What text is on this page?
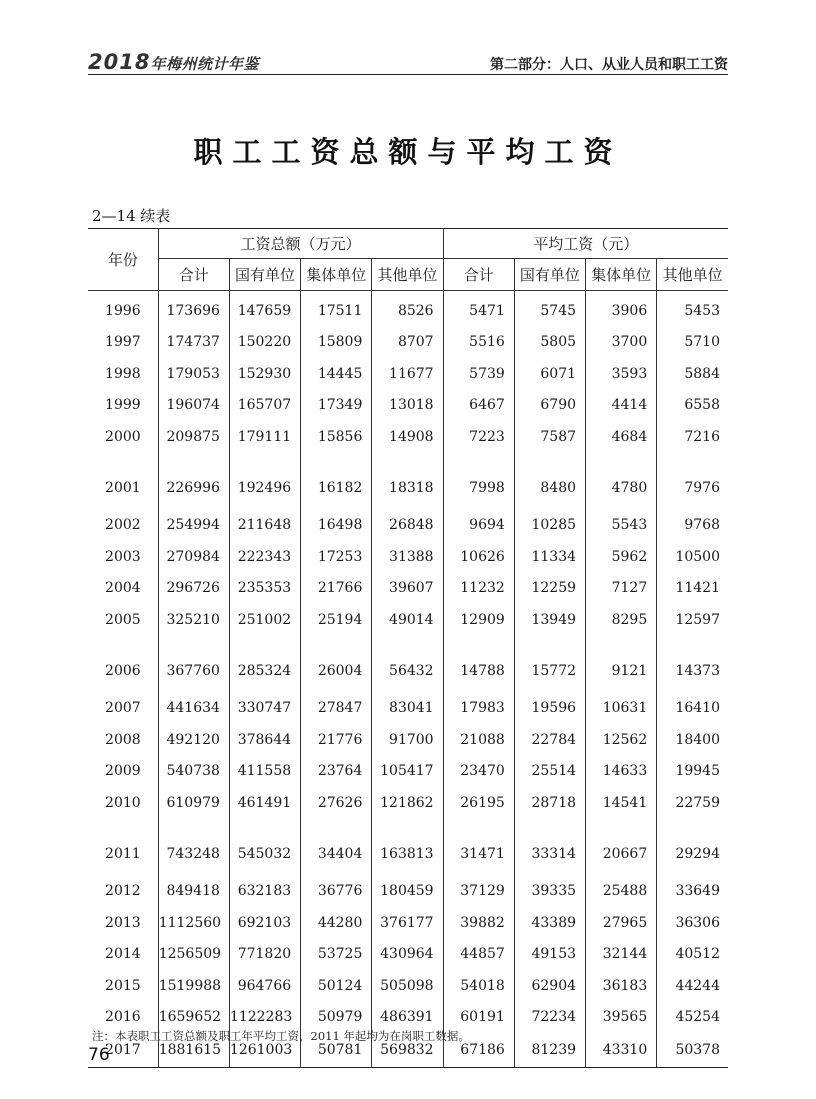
2018年梅州统计年鉴	第二部分：人口、从业人员和职工工资
职工工资总额与平均工资
2—14 续表
年份	工资总额（万元）				平均工资（元）			
	合计	国有单位	集体单位	其他单位	合计	国有单位	集体单位	其他单位
1996	173696	147659	17511	8526	5471	5745	3906	5453
1997	174737	150220	15809	8707	5516	5805	3700	5710
1998	179053	152930	14445	11677	5739	6071	3593	5884
1999	196074	165707	17349	13018	6467	6790	4414	6558
2000	209875	179111	15856	14908	7223	7587	4684	7216
2001	226996	192496	16182	18318	7998	8480	4780	7976
2002	254994	211648	16498	26848	9694	10285	5543	9768
2003	270984	222343	17253	31388	10626	11334	5962	10500
2004	296726	235353	21766	39607	11232	12259	7127	11421
2005	325210	251002	25194	49014	12909	13949	8295	12597
2006	367760	285324	26004	56432	14788	15772	9121	14373
2007	441634	330747	27847	83041	17983	19596	10631	16410
2008	492120	378644	21776	91700	21088	22784	12562	18400
2009	540738	411558	23764	105417	23470	25514	14633	19945
2010	610979	461491	27626	121862	26195	28718	14541	22759
2011	743248	545032	34404	163813	31471	33314	20667	29294
2012	849418	632183	36776	180459	37129	39335	25488	33649
2013	1112560	692103	44280	376177	39882	43389	27965	36306
2014	1256509	771820	53725	430964	44857	49153	32144	40512
2015	1519988	964766	50124	505098	54018	62904	36183	44244
2016	1659652	1122283	50979	486391	60191	72234	39565	45254
2017	1881615	1261003	50781	569832	67186	81239	43310	50378
注：本表职工工资总额及职工年平均工资，2011 年起均为在岗职工数据。
76
